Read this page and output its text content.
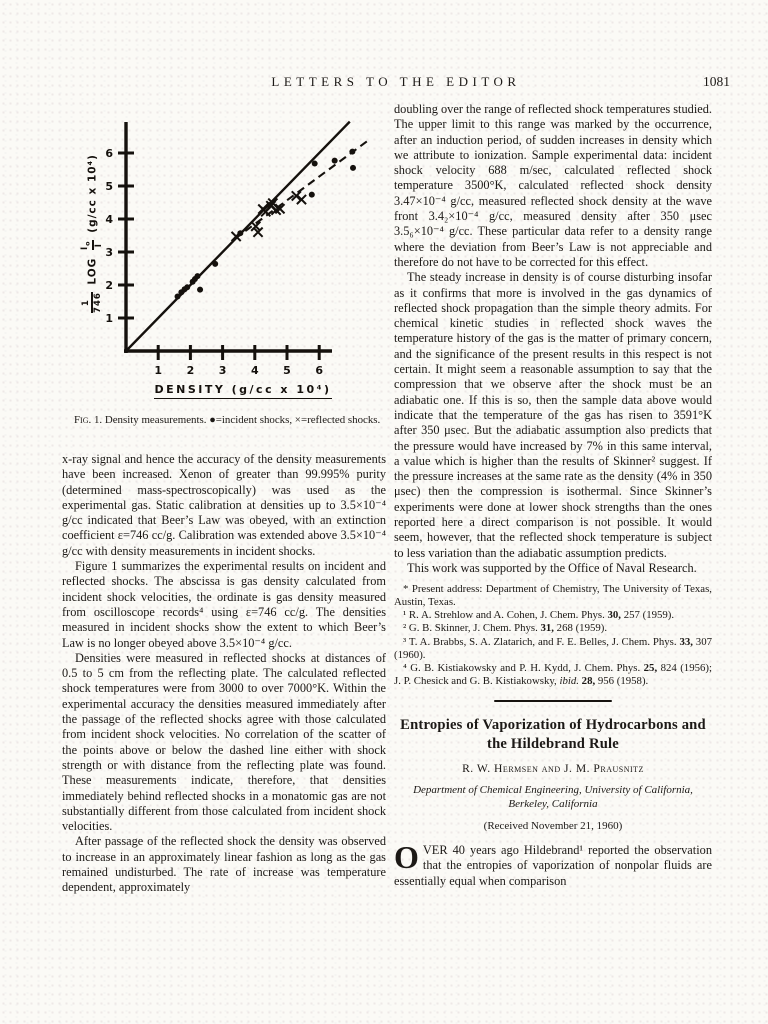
LETTERS TO THE EDITOR	1081
1 2 3 4 5 6
1
2
3
4
5
6
1 746
LOG
$I_o$ I
(g/cc x 10⁴)
DENSITY (g/cc x 10⁴)
Fig. 1. Density measurements. ●=incident shocks, ×=reflected shocks.

x-ray signal and hence the accuracy of the density measurements have been increased. Xenon of greater than 99.995% purity (determined mass-spectroscopically) was used as the experimental gas. Static calibration at densities up to 3.5×10⁻⁴ g/cc indicated that Beer’s Law was obeyed, with an extinction coefficient ε=746 cc/g. Calibration was extended above 3.5×10⁻⁴ g/cc with density measurements in incident shocks.

Figure 1 summarizes the experimental results on incident and reflected shocks. The abscissa is gas density calculated from incident shock velocities, the ordinate is gas density measured from oscilloscope records⁴ using ε=746 cc/g. The densities measured in incident shocks show the extent to which Beer’s Law is no longer obeyed above 3.5×10⁻⁴ g/cc.

Densities were measured in reflected shocks at distances of 0.5 to 5 cm from the reflecting plate. The calculated reflected shock temperatures were from 3000 to over 7000°K. Within the experimental accuracy the densities measured immediately after the passage of the reflected shocks agree with those calculated from incident shock velocities. No correlation of the scatter of the points above or below the dashed line either with shock strength or with distance from the reflecting plate was found. These measurements indicate, therefore, that densities immediately behind reflected shocks in a monatomic gas are not substantially different from those calculated from incident shock velocities.

After passage of the reflected shock the density was observed to increase in an approximately linear fashion as long as the gas remained undisturbed. The rate of increase was temperature dependent, approximately

doubling over the range of reflected shock temperatures studied. The upper limit to this range was marked by the occurrence, after an induction period, of sudden increases in density which we attribute to ionization. Sample experimental data: incident shock velocity 688 m/sec, calculated reflected shock temperature 3500°K, calculated reflected shock density 3.47×10⁻⁴ g/cc, measured reflected shock density at the wave front 3.4₂×10⁻⁴ g/cc, measured density after 350 μsec 3.5₆×10⁻⁴ g/cc. These particular data refer to a density range where the deviation from Beer’s Law is not appreciable and therefore do not have to be corrected for this effect.

The steady increase in density is of course disturbing insofar as it confirms that more is involved in the gas dynamics of reflected shock propagation than the simple theory admits. For chemical kinetic studies in reflected shock waves the temperature history of the gas is the matter of primary concern, and the significance of the present results in this respect is not certain. It might seem a reasonable assumption to say that the compression that we observe after the shock must be an adiabatic one. If this is so, then the sample data above would indicate that the temperature of the gas has risen to 3591°K after 350 μsec. But the adiabatic assumption also predicts that the pressure would have increased by 7% in this same interval, a value which is higher than the results of Skinner² suggest. If the pressure increases at the same rate as the density (4% in 350 μsec) then the compression is isothermal. Since Skinner’s experiments were done at lower shock strengths than the ones reported here a direct comparison is not possible. It would seem, however, that the reflected shock temperature is subject to less variation than the adiabatic assumption predicts.

This work was supported by the Office of Naval Research.

* Present address: Department of Chemistry, The University of Texas, Austin, Texas.
¹ R. A. Strehlow and A. Cohen, J. Chem. Phys. 30, 257 (1959).
² G. B. Skinner, J. Chem. Phys. 31, 268 (1959).
³ T. A. Brabbs, S. A. Zlatarich, and F. E. Belles, J. Chem. Phys. 33, 307 (1960).
⁴ G. B. Kistiakowsky and P. H. Kydd, J. Chem. Phys. 25, 824 (1956); J. P. Chesick and G. B. Kistiakowsky, ibid. 28, 956 (1958).
Entropies of Vaporization of Hydrocarbons and the Hildebrand Rule
R. W. Hermsen and J. M. Prausnitz
Department of Chemical Engineering, University of California,
Berkeley, California
(Received November 21, 1960)

OVER 40 years ago Hildebrand¹ reported the observation that the entropies of vaporization of nonpolar fluids are essentially equal when comparison
